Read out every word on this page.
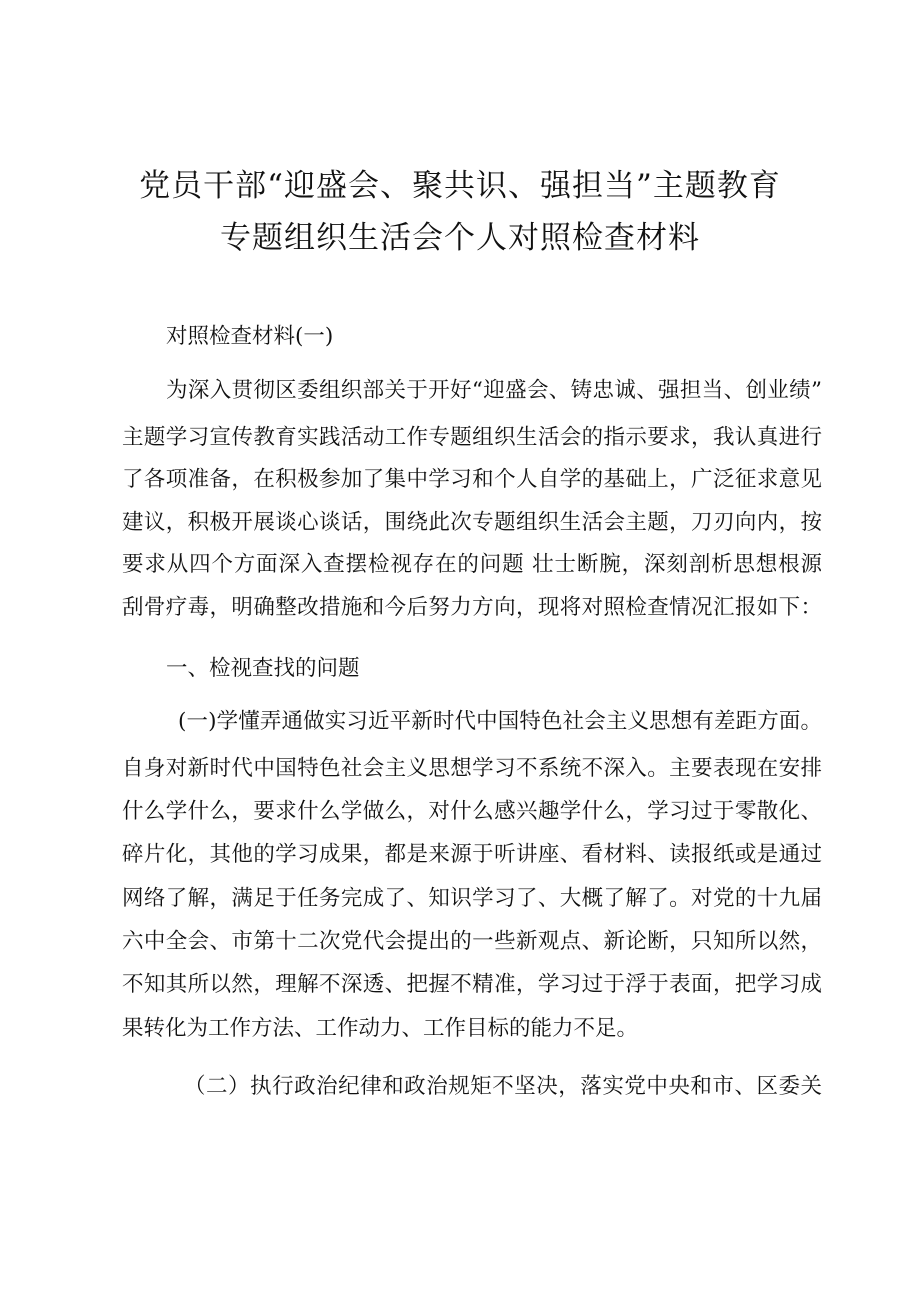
党员干部“迎盛会、聚共识、强担当”主题教育
专题组织生活会个人对照检查材料
对照检查材料(一)
为深入贯彻区委组织部关于开好“迎盛会、铸忠诚、强担当、创业绩”
主题学习宣传教育实践活动工作专题组织生活会的指示要求，我认真进行
了各项准备，在积极参加了集中学习和个人自学的基础上，广泛征求意见
建议，积极开展谈心谈话，围绕此次专题组织生活会主题，刀刃向内，按
要求从四个方面深入查摆检视存在的问题 壮士断腕，深刻剖析思想根源
刮骨疗毒，明确整改措施和今后努力方向，现将对照检查情况汇报如下：
一、检视查找的问题
(一)学懂弄通做实习近平新时代中国特色社会主义思想有差距方面。
自身对新时代中国特色社会主义思想学习不系统不深入。主要表现在安排
什么学什么，要求什么学做么，对什么感兴趣学什么，学习过于零散化、
碎片化，其他的学习成果，都是来源于听讲座、看材料、读报纸或是通过
网络了解，满足于任务完成了、知识学习了、大概了解了。对党的十九届
六中全会、市第十二次党代会提出的一些新观点、新论断，只知所以然，
不知其所以然，理解不深透、把握不精准，学习过于浮于表面，把学习成
果转化为工作方法、工作动力、工作目标的能力不足。
（二）执行政治纪律和政治规矩不坚决，落实党中央和市、区委关
